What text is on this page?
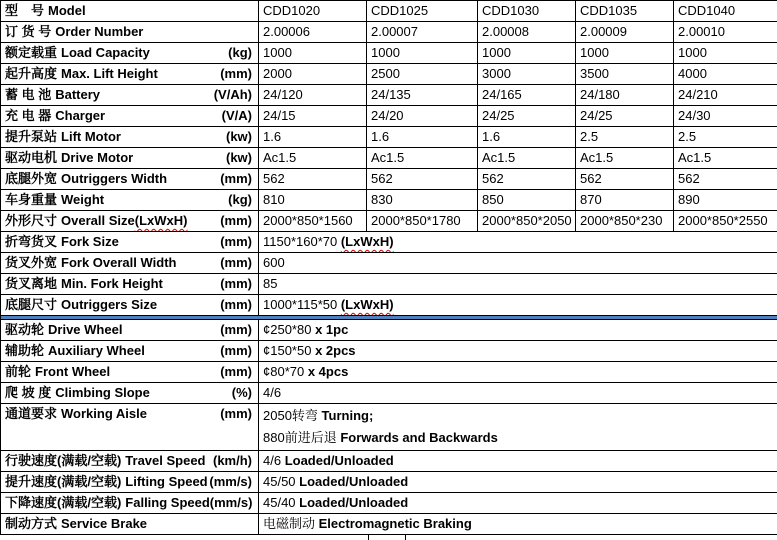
型　号 Model	CDD1020	CDD1025	CDD1030	CDD1035	CDD1040

订 货 号 Order Number	2.00006	2.00007	2.00008	2.00009	2.00010

额定载重 Load Capacity (kg)	1000	1000	1000	1000	1000

起升高度 Max. Lift Height (mm)	2000	2500	3000	3500	4000

蓄 电 池 Battery (V/Ah)	24/120	24/135	24/165	24/180	24/210

充 电 器 Charger (V/A)	24/15	24/20	24/25	24/25	24/30

提升泵站 Lift Motor (kw)	1.6	1.6	1.6	2.5	2.5

驱动电机 Drive Motor (kw)	Ac1.5	Ac1.5	Ac1.5	Ac1.5	Ac1.5

底腿外宽 Outriggers Width (mm)	562	562	562	562	562

车身重量 Weight (kg)	810	830	850	870	890

外形尺寸 Overall Size(LxWxH) (mm)	2000*850*1560	2000*850*1780	2000*850*2050	2000*850*230	2000*850*2550

折弯货叉 Fork Size (mm)	1150*160*70 (LxWxH)				

货叉外宽 Fork Overall Width (mm)	600				

货叉离地 Min. Fork Height (mm)	85				

底腿尺寸 Outriggers Size (mm)	1000*115*50 (LxWxH)				

驱动轮 Drive Wheel (mm)	¢250*80 x 1pc				

辅助轮 Auxiliary Wheel (mm)	¢150*50 x 2pcs				

前轮 Front Wheel (mm)	¢80*70 x 4pcs				

爬 坡 度 Climbing Slope (%)	4/6				

通道要求 Working Aisle	(mm)	2050转弯 Turning;
880前进后退 Forwards and Backwards

行驶速度(满载/空载) Travel Speed (km/h)	4/6 Loaded/Unloaded				

提升速度(满载/空载) Lifting Speed (mm/s)	45/50 Loaded/Unloaded				

下降速度(满载/空载) Falling Speed (mm/s)	45/40 Loaded/Unloaded				

制动方式 Service Brake	电磁制动 Electromagnetic Braking				
